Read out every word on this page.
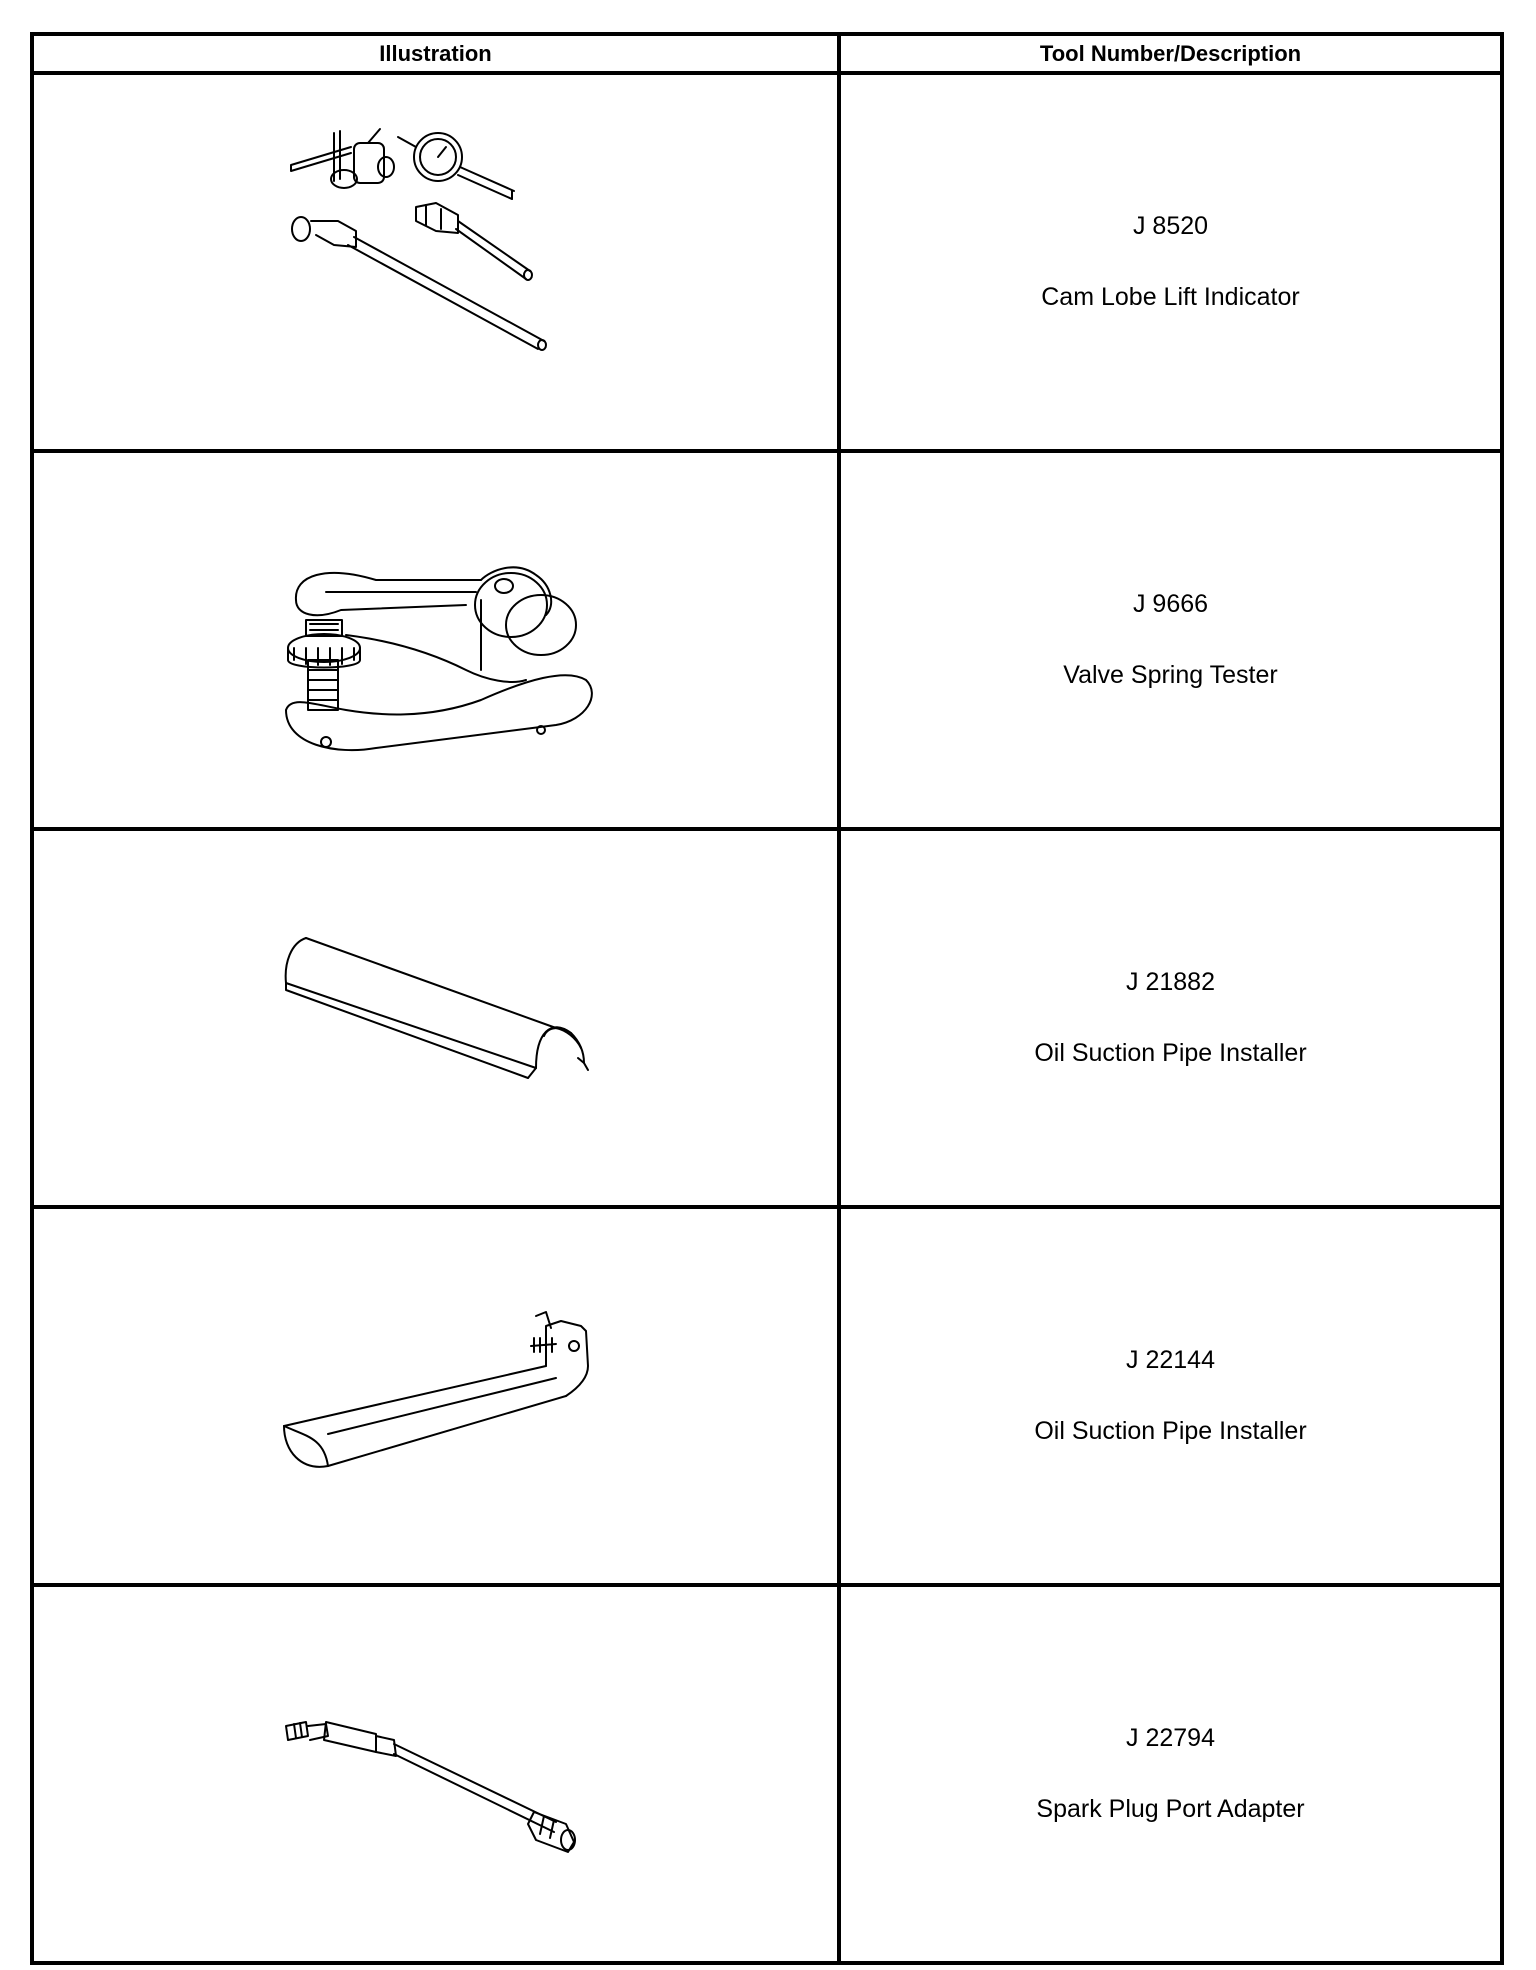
Illustration	Tool Number/Description

J 8520
Cam Lobe Lift Indicator

J 9666
Valve Spring Tester

J 21882
Oil Suction Pipe Installer

J 22144
Oil Suction Pipe Installer

J 22794
Spark Plug Port Adapter
